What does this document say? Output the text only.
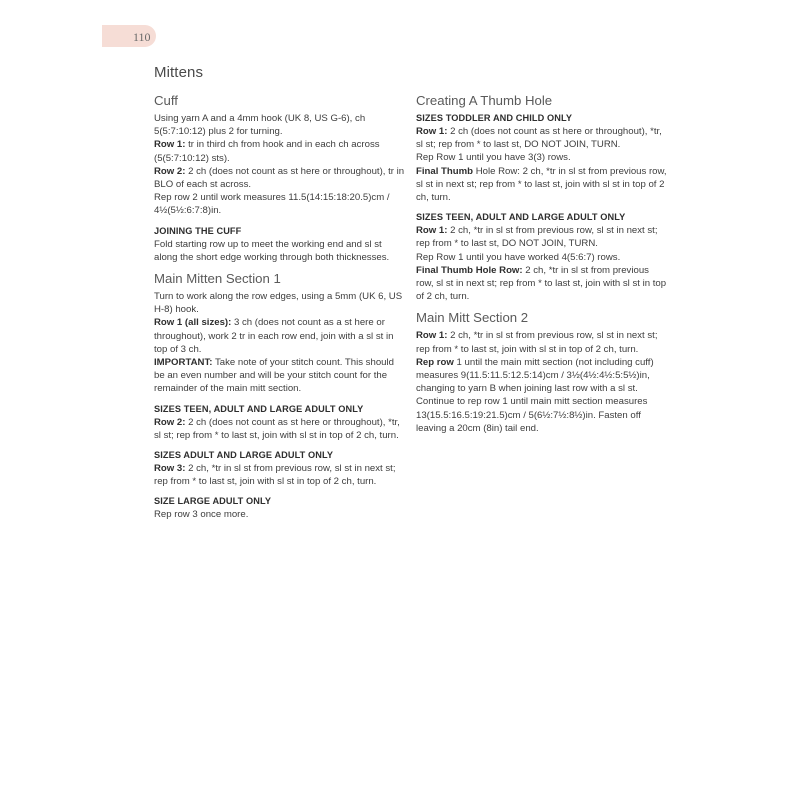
110
Mittens
Cuff

Using yarn A and a 4mm hook (UK 8, US G-6), ch 5(5:7:10:12) plus 2 for turning.

Row 1: tr in third ch from hook and in each ch across (5(5:7:10:12) sts).

Row 2: 2 ch (does not count as st here or throughout), tr in BLO of each st across.

Rep row 2 until work measures 11.5(14:15:18:20.5)cm / 4½(5½:6:7:8)in.

JOINING THE CUFF

Fold starting row up to meet the working end and sl st along the short edge working through both thicknesses.

Main Mitten Section 1

Turn to work along the row edges, using a 5mm (UK 6, US H-8) hook.

Row 1 (all sizes): 3 ch (does not count as a st here or throughout), work 2 tr in each row end, join with a sl st in top of 3 ch.

IMPORTANT: Take note of your stitch count. This should be an even number and will be your stitch count for the remainder of the main mitt section.

SIZES TEEN, ADULT AND LARGE ADULT ONLY

Row 2: 2 ch (does not count as st here or throughout), *tr, sl st; rep from * to last st, join with sl st in top of 2 ch, turn.

SIZES ADULT AND LARGE ADULT ONLY

Row 3: 2 ch, *tr in sl st from previous row, sl st in next st; rep from * to last st, join with sl st in top of 2 ch, turn.

SIZE LARGE ADULT ONLY

Rep row 3 once more.

Creating A Thumb Hole

SIZES TODDLER AND CHILD ONLY

Row 1: 2 ch (does not count as st here or throughout), *tr, sl st; rep from * to last st, DO NOT JOIN, TURN.

Rep Row 1 until you have 3(3) rows.

Final Thumb Hole Row: 2 ch, *tr in sl st from previous row, sl st in next st; rep from * to last st, join with sl st in top of 2 ch, turn.

SIZES TEEN, ADULT AND LARGE ADULT ONLY

Row 1: 2 ch, *tr in sl st from previous row, sl st in next st; rep from * to last st, DO NOT JOIN, TURN.

Rep Row 1 until you have worked 4(5:6:7) rows.

Final Thumb Hole Row: 2 ch, *tr in sl st from previous row, sl st in next st; rep from * to last st, join with sl st in top of 2 ch, turn.

Main Mitt Section 2

Row 1: 2 ch, *tr in sl st from previous row, sl st in next st; rep from * to last st, join with sl st in top of 2 ch, turn.

Rep row 1 until the main mitt section (not including cuff) measures 9(11.5:11.5:12.5:14)cm / 3½(4½:4½:5:5½)in, changing to yarn B when joining last row with a sl st. Continue to rep row 1 until main mitt section measures 13(15.5:16.5:19:21.5)cm / 5(6½:7½:8½)in. Fasten off leaving a 20cm (8in) tail end.
